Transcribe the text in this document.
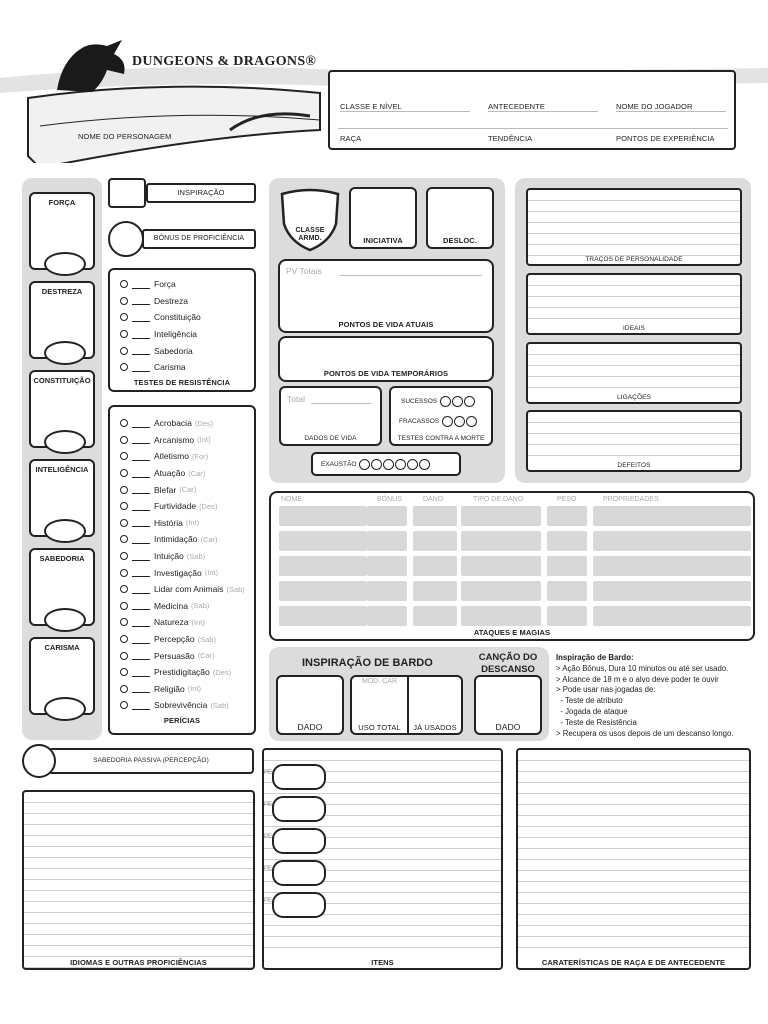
DUNGEONS & DRAGONS®
NOME DO PERSONAGEM
CLASSE E NÍVEL	ANTECEDENTE	NOME DO JOGADOR
RAÇA	TENDÊNCIA	PONTOS DE EXPERIÊNCIA
FORÇA
DESTREZA
CONSTITUIÇÃO
INTELIGÊNCIA
SABEDORIA
CARISMA
INSPIRAÇÃO
BÔNUS DE PROFICIÊNCIA
Força
Destreza
Constituição
Inteligência
Sabedoria
Carisma
TESTES DE RESISTÊNCIA
Acrobacia (Des)
Arcanismo (Int)
Atletismo (For)
Atuação (Car)
Blefar (Car)
Furtividade (Des)
História (Int)
Intimidação (Car)
Intuição (Sab)
Investigação (Int)
Lidar com Animais (Sab)
Medicina (Sab)
Natureza (Int)
Percepção (Sab)
Persuasão (Car)
Prestidigitação (Des)
Religião (Int)
Sobrevivência (Sab)
PERÍCIAS
CLASSE
ARMD.	INICIATIVA	DESLOC.
PV Totais
PONTOS DE VIDA ATUAIS
PONTOS DE VIDA TEMPORÁRIOS
Total
DADOS DE VIDA
SUCESSOS
FRACASSOS
TESTES CONTRA A MORTE
EXAUSTÃO
TRAÇOS DE PERSONALIDADE
IDEAIS
LIGAÇÕES
DEFEITOS
NOME:	BÔNUS	DANO	TIPO DE DANO	PESO	PROPRIEDADES
ATAQUES E MAGIAS
INSPIRAÇÃO DE BARDO	CANÇÃO DO
DESCANSO
DADO
MOD. CAR
USO TOTAL	JÁ USADOS	DADO
Inspiração de Bardo:
> Ação Bônus, Dura 10 minutos ou até ser usado.
> Alcance de 18 m e o alvo deve poder te ouvir
> Pode usar nas jogadas de:
- Teste de atributo
- Jogada de ataque
- Teste de Resistência
> Recupera os usos depois de um descanso longo.
SABEDORIA PASSIVA (PERCEPÇÃO)
IDIOMAS E OUTRAS PROFICIÊNCIAS
PE
PE
PE
PE
PE
ITENS	CARATERÍSTICAS DE RAÇA E DE ANTECEDENTE
